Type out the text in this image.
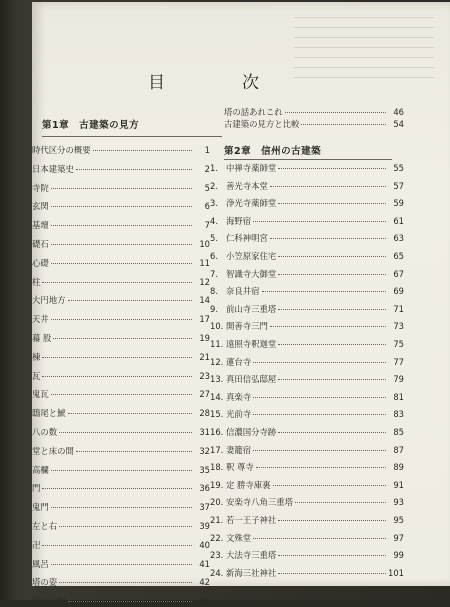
目	次
第1章　古建築の見方
時代区分の概要	1
日本建築史	2
寺院	5
玄関	6
基壇	7
礎石	10
心礎	11
柱	12
大円地方	14
天井	17
蟇 股	19
棟	21
瓦	23
鬼瓦	27
鴟尾と鯱	28
八の数	31
堂と床の間	32
高欄	35
門	36
鬼門	37
左と右	39
卍	40
風呂	41
塔の姿	42
塔の正面	46
塔の話あれこれ	46
古建築の見方と比較	54
第2章　信州の古建築
1. 中禅寺薬師堂	55
2. 善光寺本堂	57
3. 浄光寺薬師堂	59
4. 海野宿	61
5. 仁科神明宮	63
6. 小笠原家住宅	65
7. 智識寺大御堂	67
8. 奈良井宿	69
9. 前山寺三重塔	71
10. 開善寺三門	73
11. 遠照寺釈迦堂	75
12. 蓮台寺	77
13. 真田信弘邸屋	79
14. 真楽寺	81
15. 光前寺	83
16. 信濃国分寺跡	85
17. 妻籠宿	87
18. 釈 尊寺	89
19. 定 勝寺庫裏	91
20. 安楽寺八角三重塔	93
21. 若一王子神社	95
22. 文殊堂	97
23. 大法寺三重塔	99
24. 新海三社神社	101
